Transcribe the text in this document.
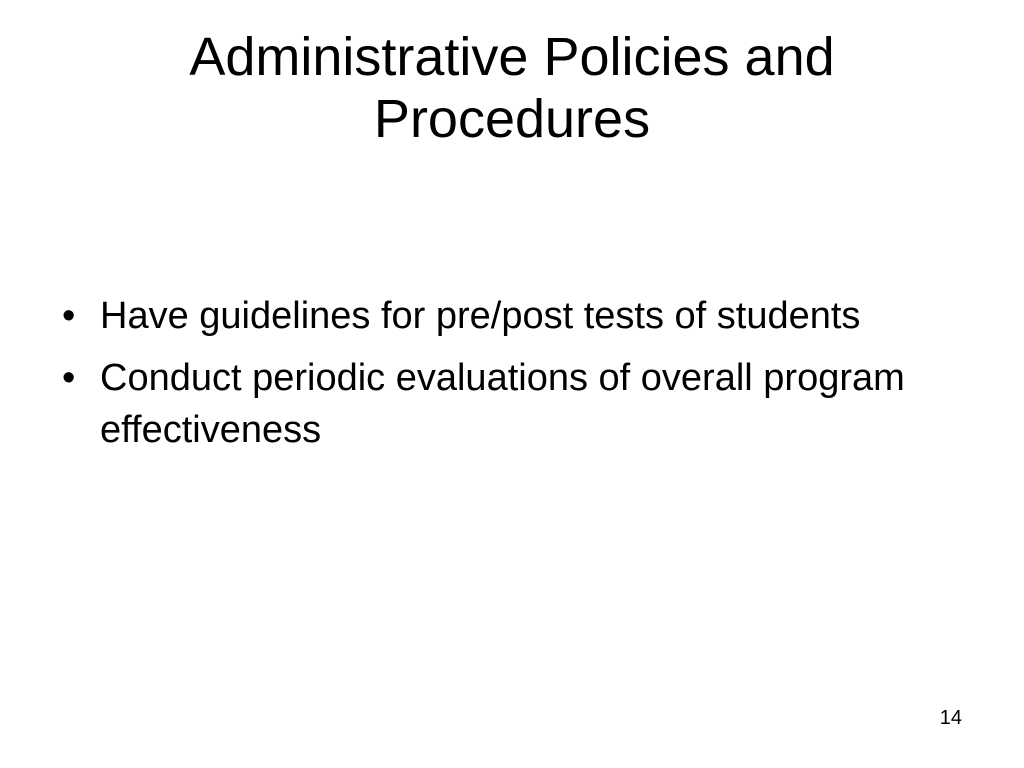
Administrative Policies and Procedures
• Have guidelines for pre/post tests of students
• Conduct periodic evaluations of overall program effectiveness
14
